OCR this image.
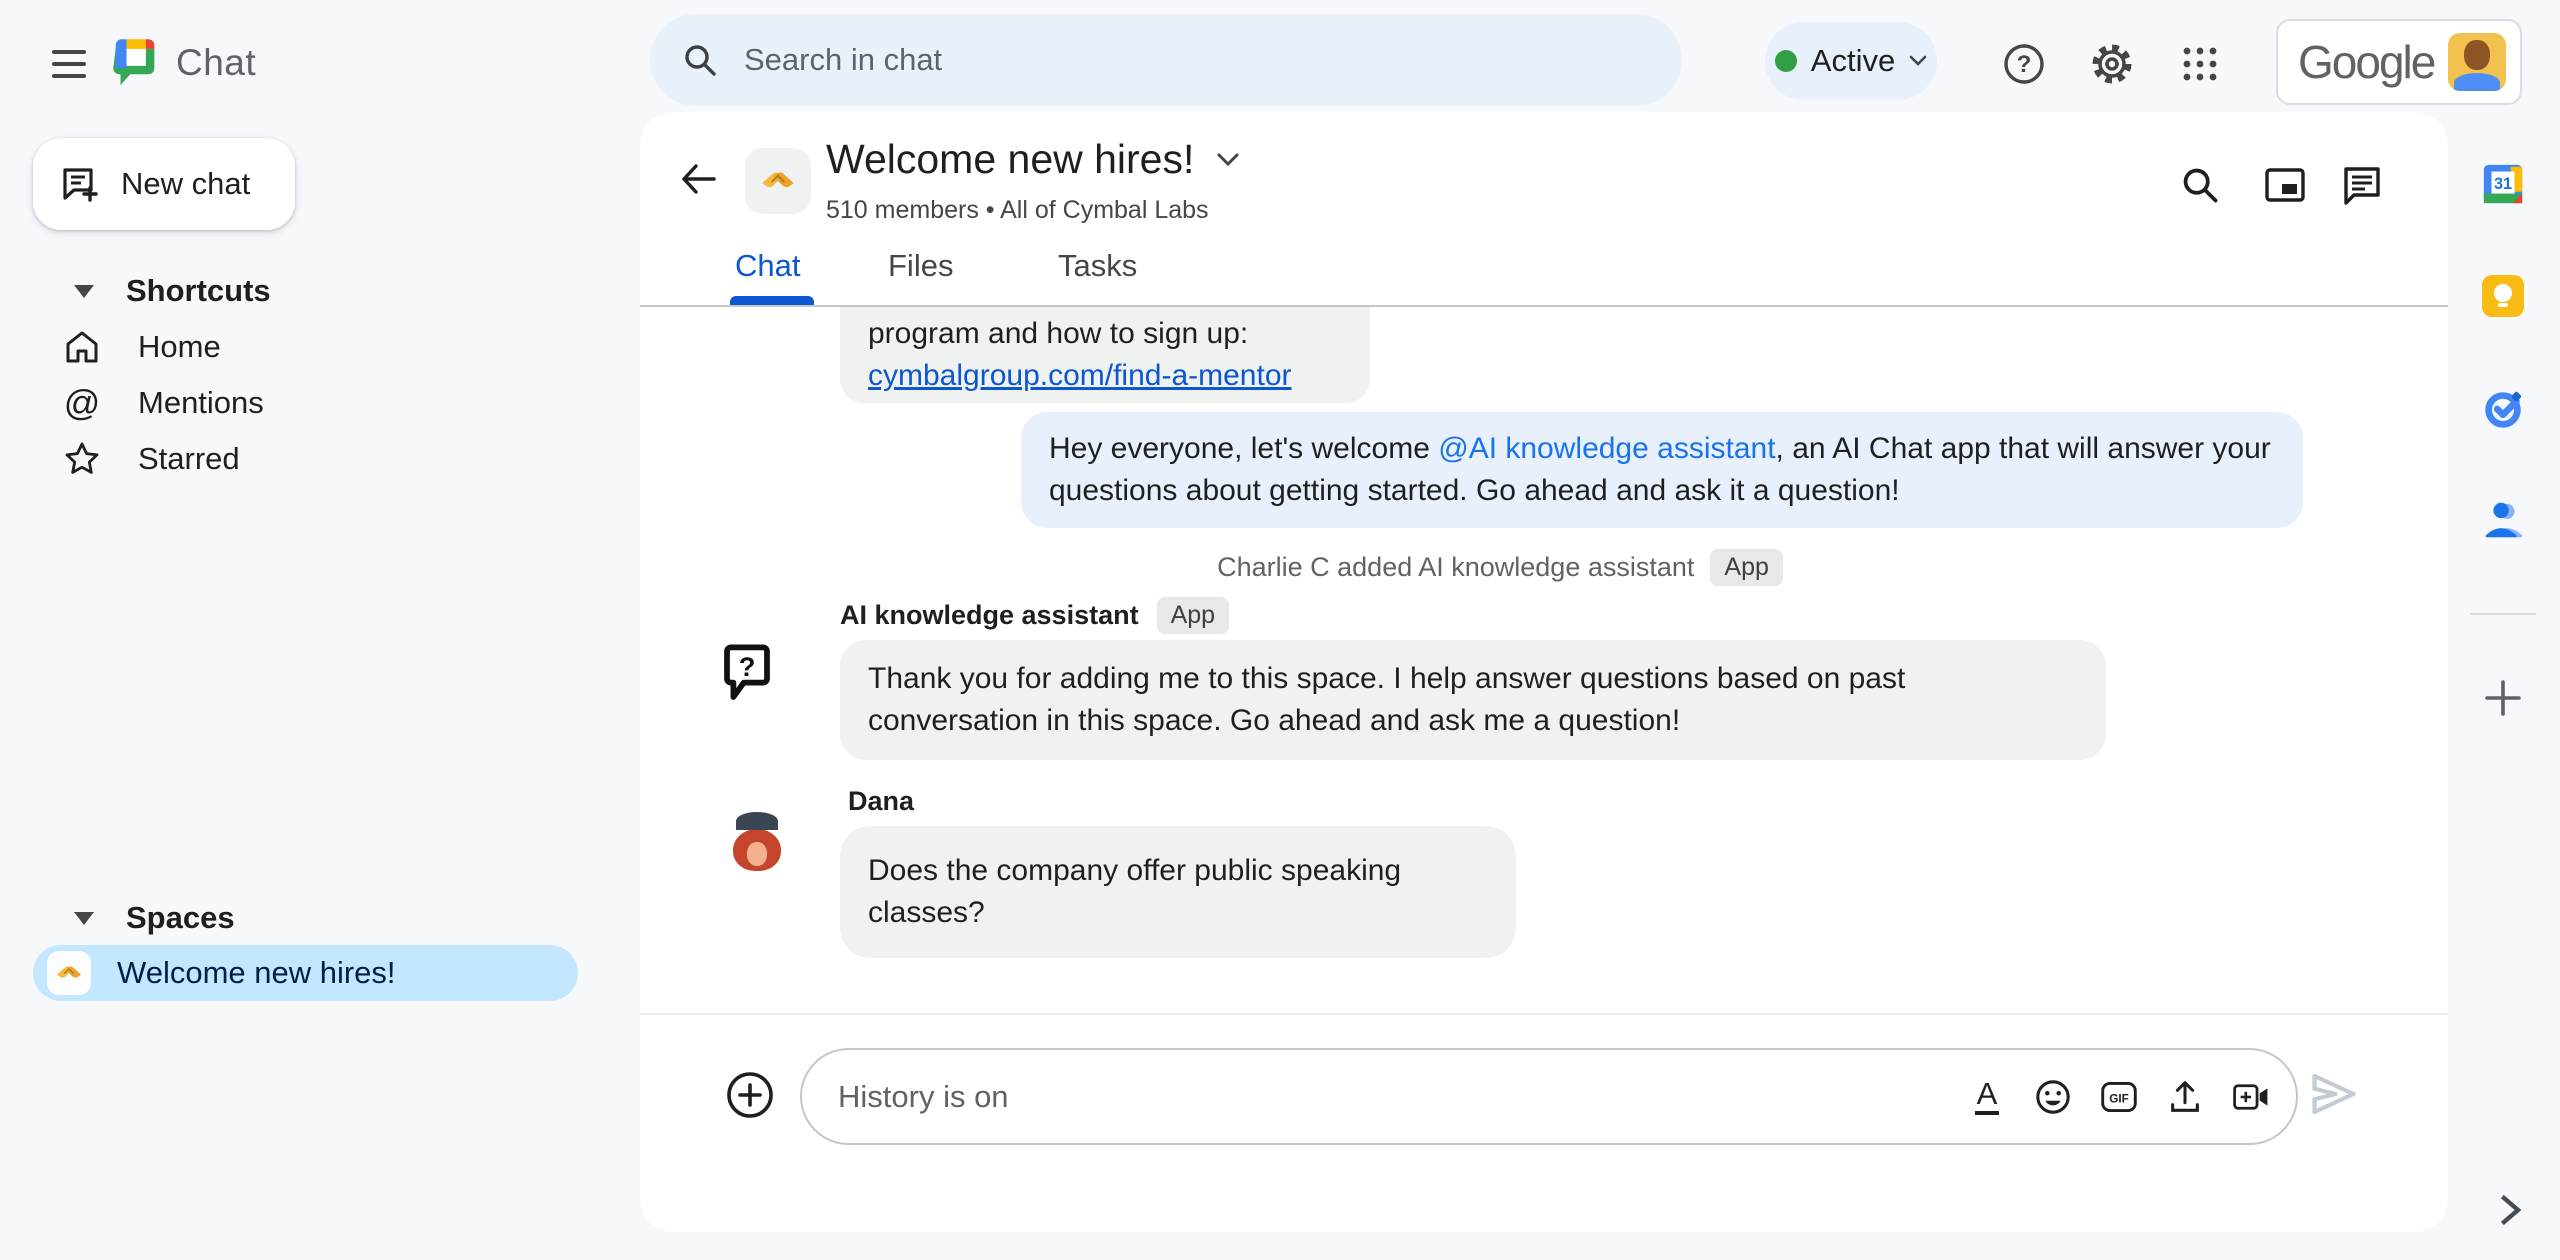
Chat
Search in chat	Active	?	Google
New chat
Shortcuts
Home
@ Mentions
Starred
Spaces
Welcome new hires!
Welcome new hires!
510 members • All of Cymbal Labs
Chat	Files	Tasks
program and how to sign up:
cymbalgroup.com/find-a-mentor
Hey everyone, let's welcome @AI knowledge assistant, an AI Chat app that will answer your questions about getting started. Go ahead and ask it a question!
Charlie C added AI knowledge assistant	App
AI knowledge assistant	App
?	Thank you for adding me to this space. I help answer questions based on past conversation in this space. Go ahead and ask me a question!
Dana
Does the company offer public speaking classes?
History is on
A	GIF
31
